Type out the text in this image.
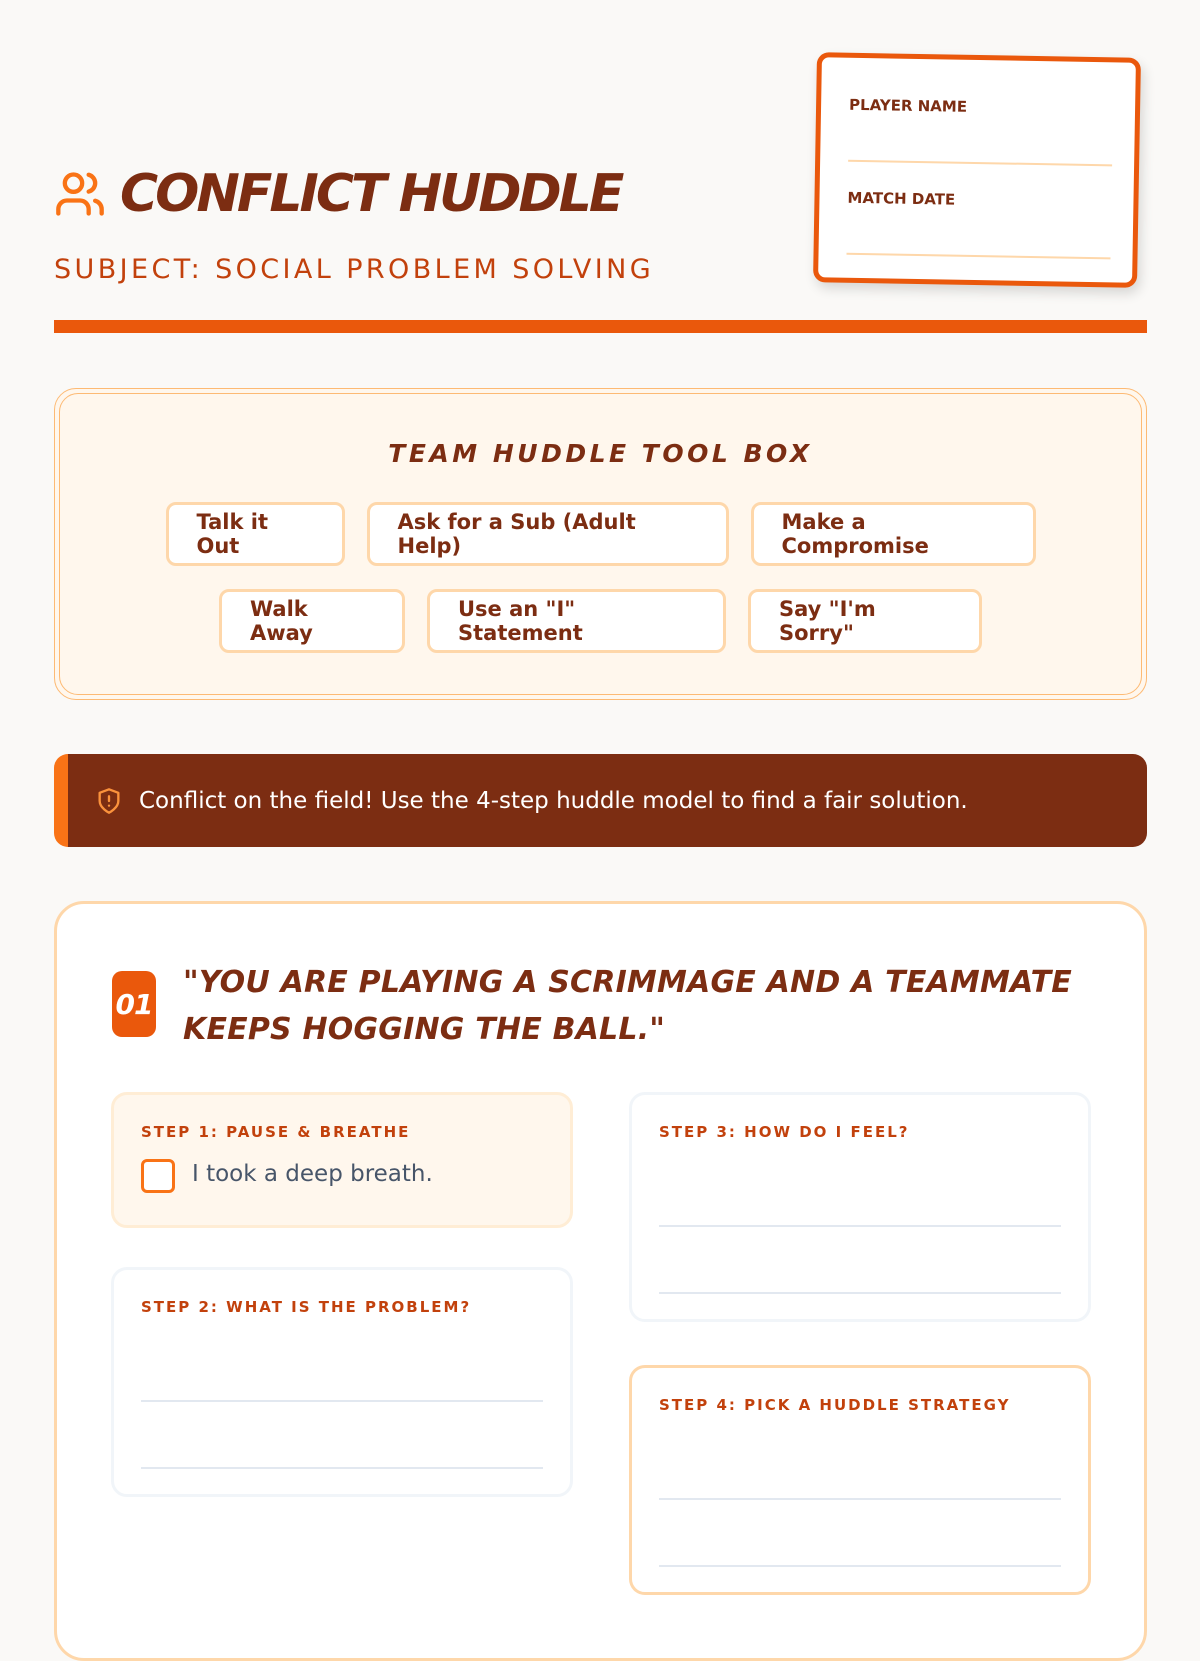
CONFLICT HUDDLE
SUBJECT: SOCIAL PROBLEM SOLVING
PLAYER NAME
MATCH DATE
TEAM HUDDLE TOOL BOX
Talk it Out
Ask for a Sub (Adult Help)
Make a Compromise
Walk Away
Use an "I" Statement
Say "I'm Sorry"
Conflict on the field! Use the 4-step huddle model to find a fair solution.
01
"YOU ARE PLAYING A SCRIMMAGE AND A TEAMMATE KEEPS HOGGING THE BALL."
STEP 1: PAUSE & BREATHE
I took a deep breath.
STEP 2: WHAT IS THE PROBLEM?
STEP 3: HOW DO I FEEL?
STEP 4: PICK A HUDDLE STRATEGY
